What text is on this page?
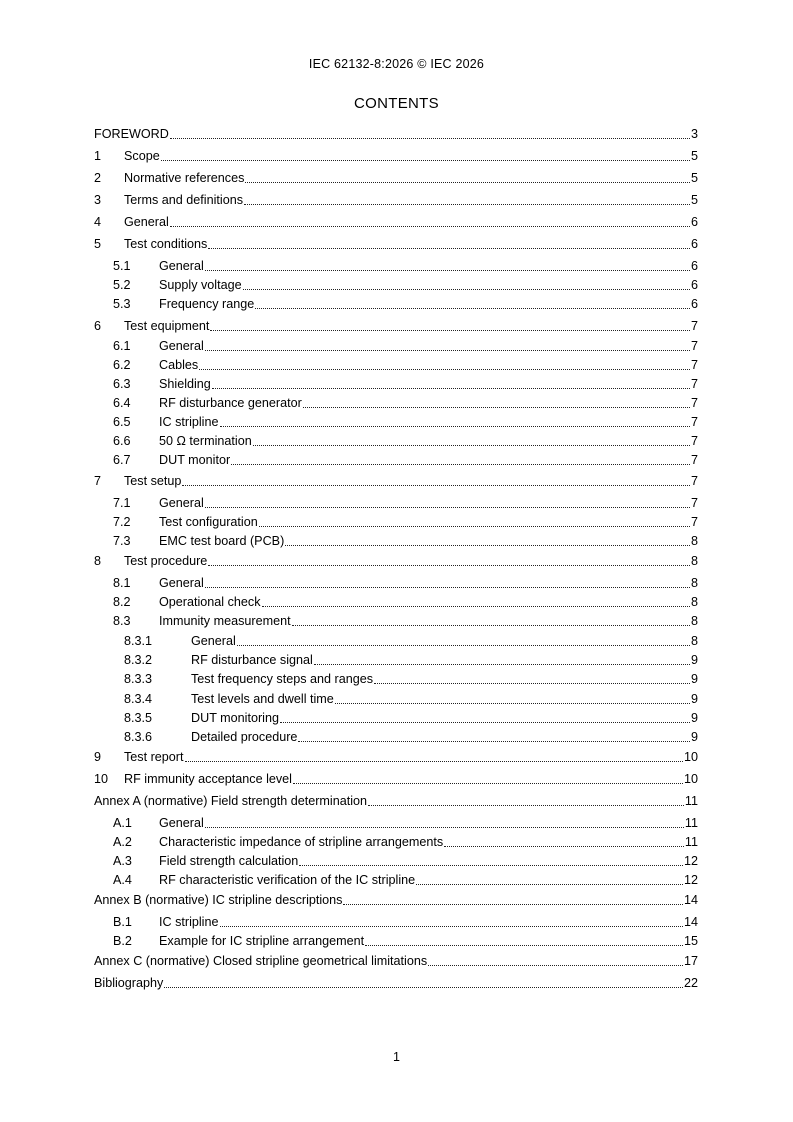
IEC 62132-8:2026 © IEC 2026
CONTENTS
FOREWORD	3
1	Scope	5
2	Normative references	5
3	Terms and definitions	5
4	General	6
5	Test conditions	6
5.1	General	6
5.2	Supply voltage	6
5.3	Frequency range	6
6	Test equipment	7
6.1	General	7
6.2	Cables	7
6.3	Shielding	7
6.4	RF disturbance generator	7
6.5	IC stripline	7
6.6	50 Ω termination	7
6.7	DUT monitor	7
7	Test setup	7
7.1	General	7
7.2	Test configuration	7
7.3	EMC test board (PCB)	8
8	Test procedure	8
8.1	General	8
8.2	Operational check	8
8.3	Immunity measurement	8
8.3.1	General	8
8.3.2	RF disturbance signal	9
8.3.3	Test frequency steps and ranges	9
8.3.4	Test levels and dwell time	9
8.3.5	DUT monitoring	9
8.3.6	Detailed procedure	9
9	Test report	10
10	RF immunity acceptance level	10
Annex A (normative) Field strength determination	11
A.1	General	11
A.2	Characteristic impedance of stripline arrangements	11
A.3	Field strength calculation	12
A.4	RF characteristic verification of the IC stripline	12
Annex B (normative) IC stripline descriptions	14
B.1	IC stripline	14
B.2	Example for IC stripline arrangement	15
Annex C (normative) Closed stripline geometrical limitations	17
Bibliography	22
1
